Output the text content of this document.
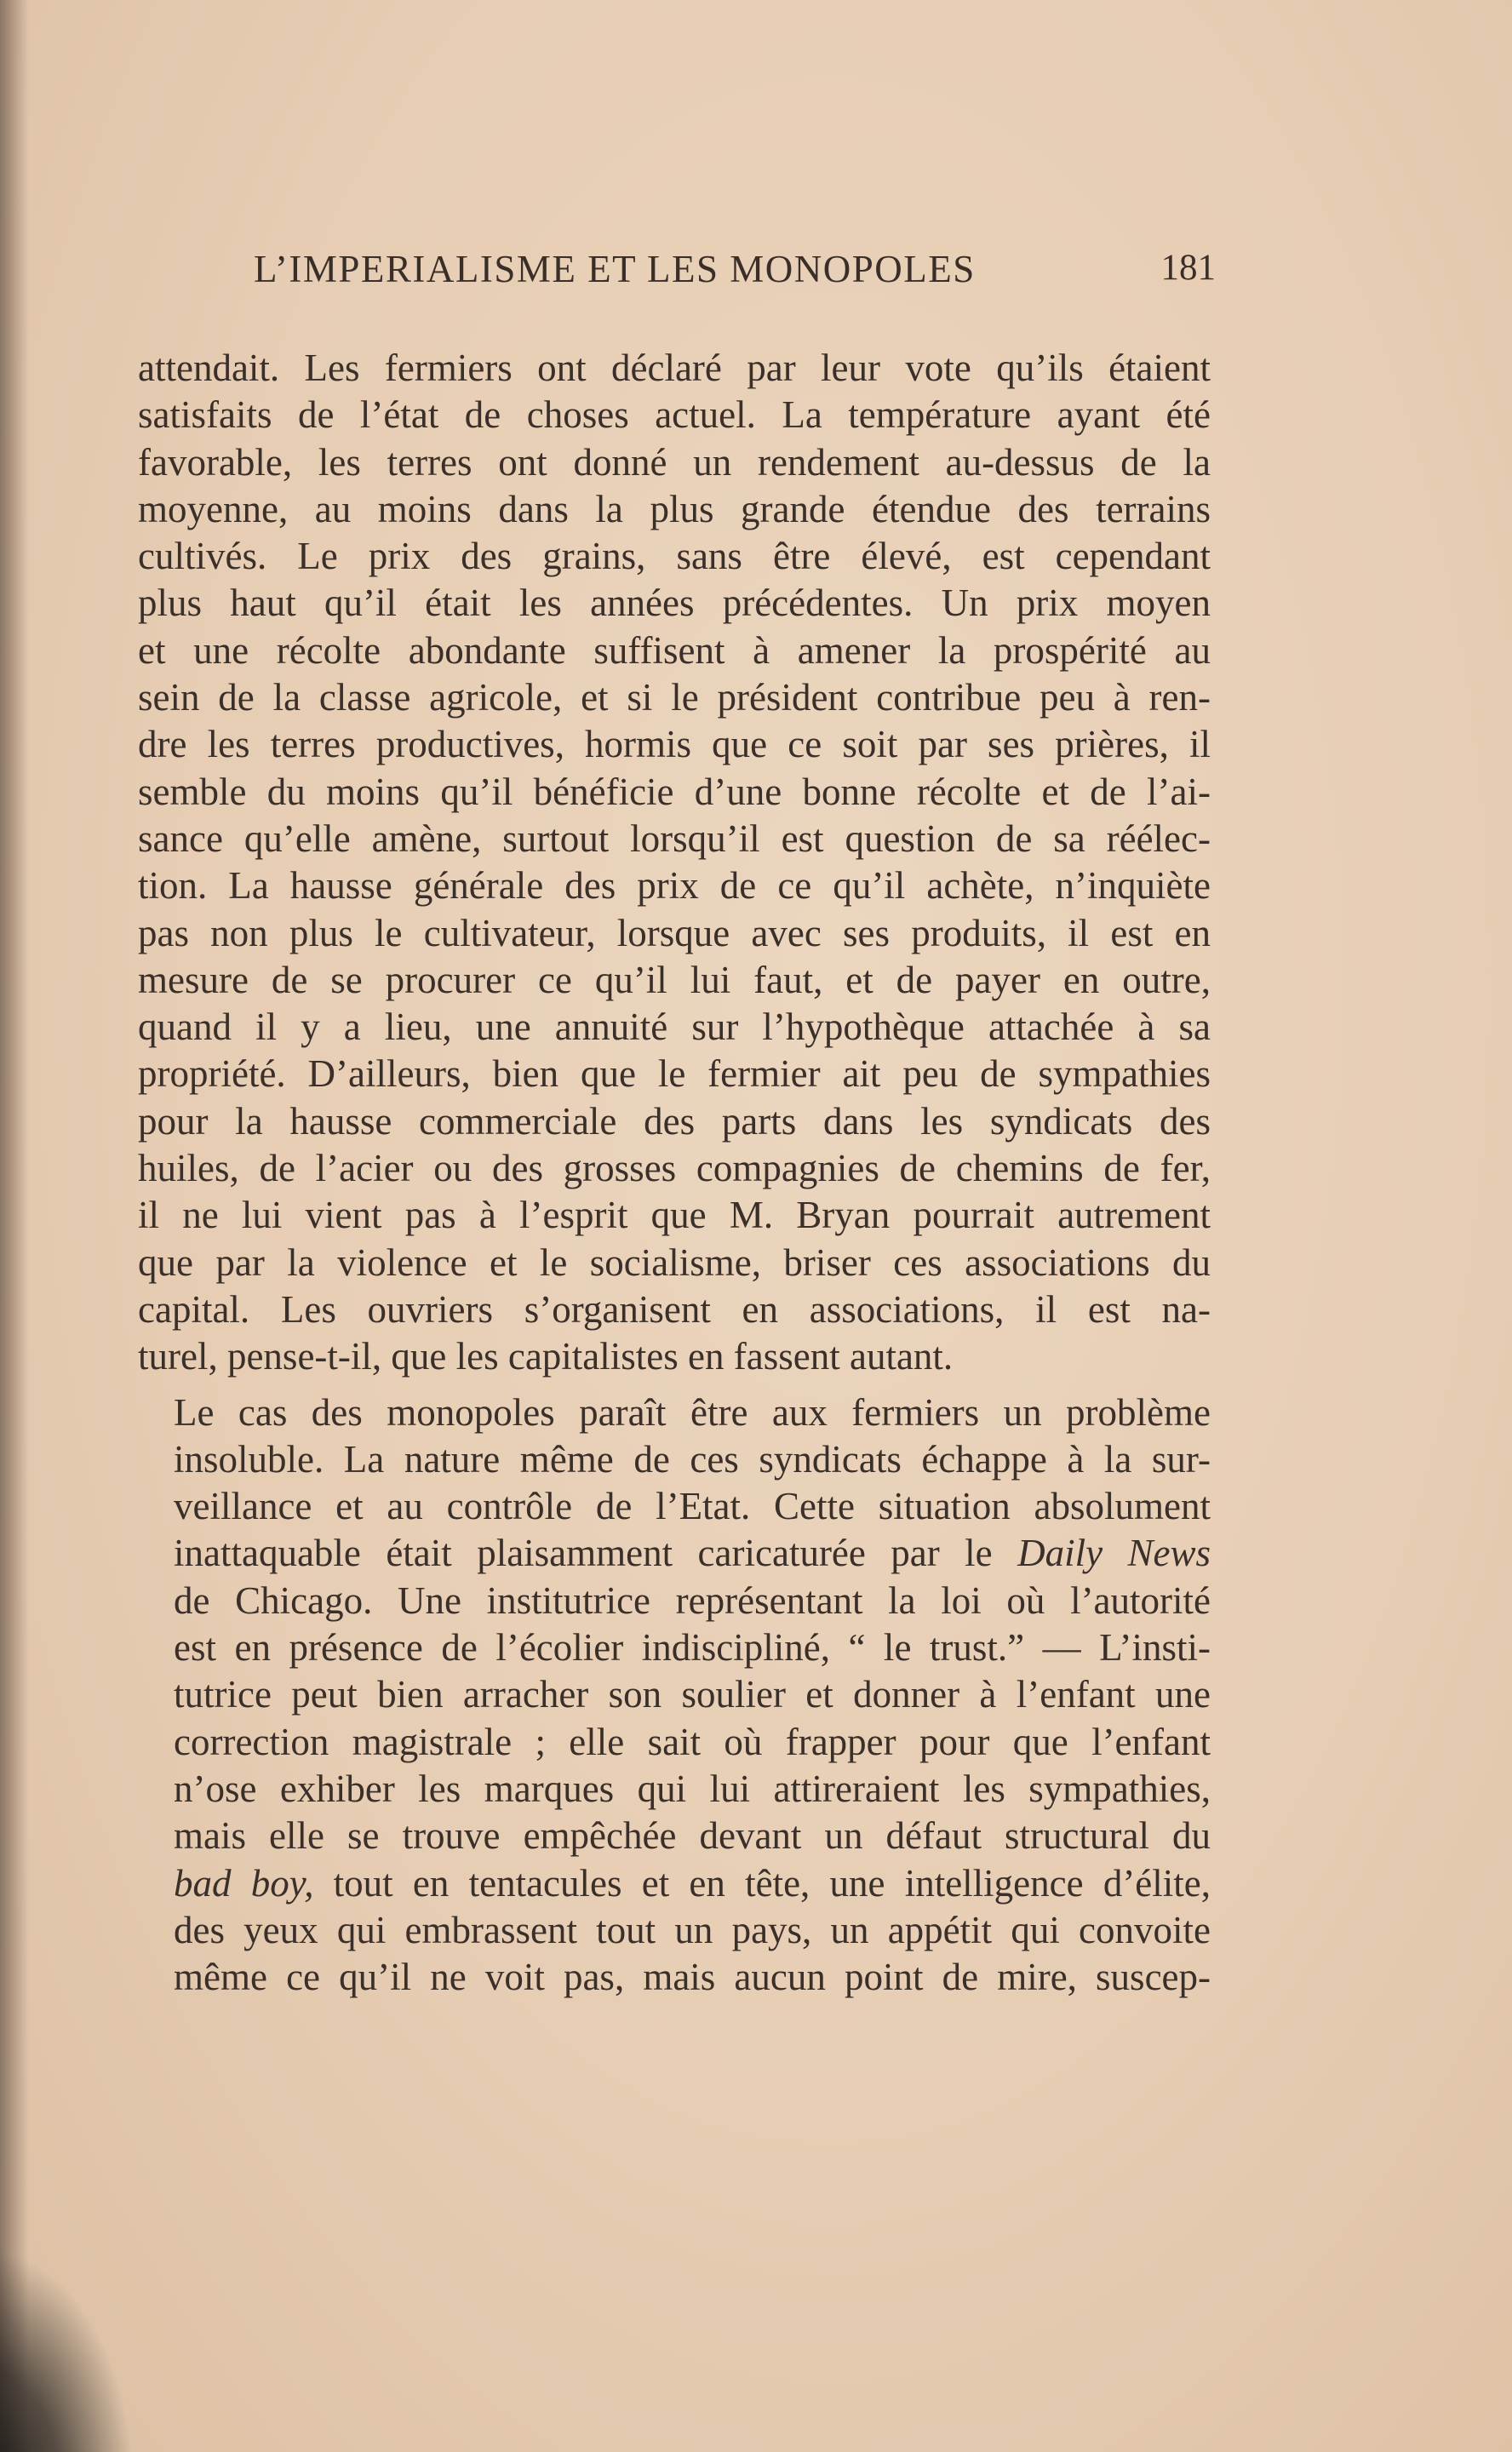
L’IMPERIALISME ET LES MONOPOLES	181

attendait. Les fermiers ont déclaré par leur vote qu’ils étaient
satisfaits de l’état de choses actuel. La température ayant été
favorable, les terres ont donné un rendement au-dessus de la
moyenne, au moins dans la plus grande étendue des terrains
cultivés. Le prix des grains, sans être élevé, est cependant
plus haut qu’il était les années précédentes. Un prix moyen
et une récolte abondante suffisent à amener la prospérité au
sein de la classe agricole, et si le président contribue peu à ren-
dre les terres productives, hormis que ce soit par ses prières, il
semble du moins qu’il bénéficie d’une bonne récolte et de l’ai-
sance qu’elle amène, surtout lorsqu’il est question de sa réélec-
tion. La hausse générale des prix de ce qu’il achète, n’inquiète
pas non plus le cultivateur, lorsque avec ses produits, il est en
mesure de se procurer ce qu’il lui faut, et de payer en outre,
quand il y a lieu, une annuité sur l’hypothèque attachée à sa
propriété. D’ailleurs, bien que le fermier ait peu de sympathies
pour la hausse commerciale des parts dans les syndicats des
huiles, de l’acier ou des grosses compagnies de chemins de fer,
il ne lui vient pas à l’esprit que M. Bryan pourrait autrement
que par la violence et le socialisme, briser ces associations du
capital. Les ouvriers s’organisent en associations, il est na-
turel, pense-t-il, que les capitalistes en fassent autant.

Le cas des monopoles paraît être aux fermiers un problème
insoluble. La nature même de ces syndicats échappe à la sur-
veillance et au contrôle de l’Etat. Cette situation absolument
inattaquable était plaisamment caricaturée par le Daily News
de Chicago. Une institutrice représentant la loi où l’autorité
est en présence de l’écolier indiscipliné, “ le trust.” — L’insti-
tutrice peut bien arracher son soulier et donner à l’enfant une
correction magistrale ; elle sait où frapper pour que l’enfant
n’ose exhiber les marques qui lui attireraient les sympathies,
mais elle se trouve empêchée devant un défaut structural du
bad boy, tout en tentacules et en tête, une intelligence d’élite,
des yeux qui embrassent tout un pays, un appétit qui convoite
même ce qu’il ne voit pas, mais aucun point de mire, suscep-
